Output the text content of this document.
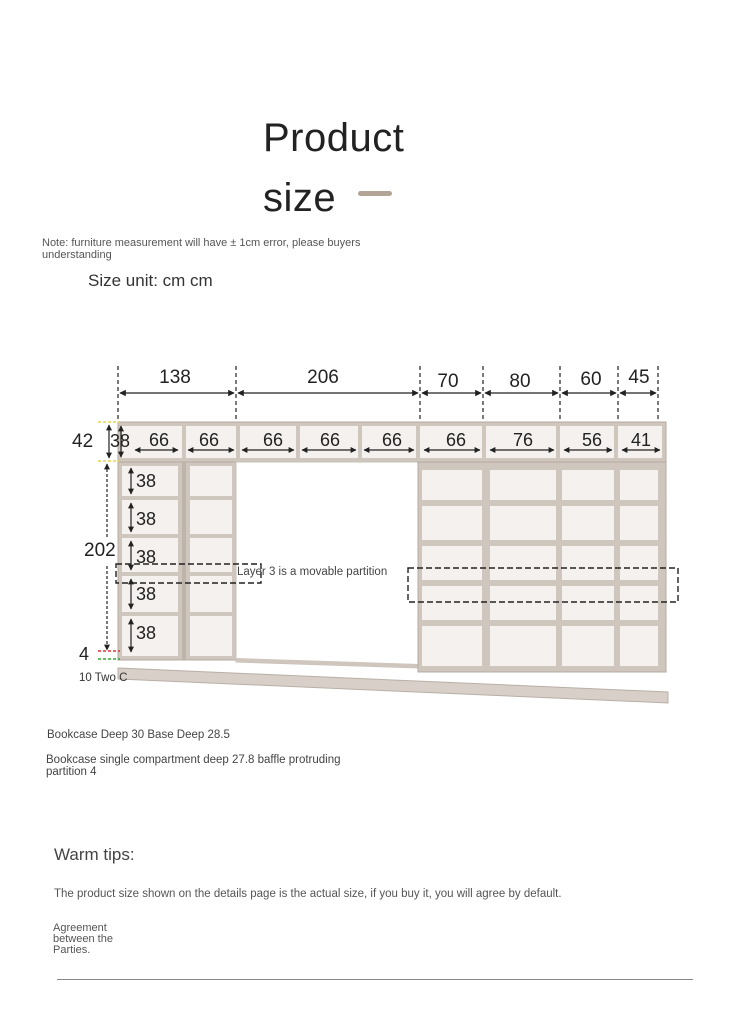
Product
size
Note: furniture measurement will have ± 1cm error, please buyers understanding
Size unit: cm cm
138	206	70	80	60 45
66 66 66 66 66 66	76	56 41
42 38
202
38
38
38
38
38
Layer 3 is a movable partition
4
10 Two C
Bookcase Deep 30 Base Deep 28.5
Bookcase single compartment deep 27.8 baffle protruding partition 4
Warm tips:
The product size shown on the details page is the actual size, if you buy it, you will agree by default.
Agreement between the Parties.
